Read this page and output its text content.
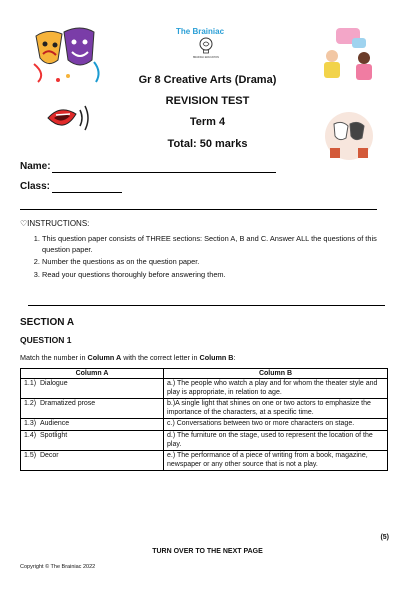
The Brainiac
BRAINIAC EDUCATION
Gr 8 Creative Arts (Drama)
REVISION TEST
Term 4
Total: 50 marks
Name:
Class:
♡INSTRUCTIONS:
1. This question paper consists of THREE sections: Section A, B and C. Answer ALL the questions of this question paper.
2. Number the questions as on the question paper.
3. Read your questions thoroughly before answering them.
SECTION A
QUESTION 1
Match the number in Column A with the correct letter in Column B:
Column A	Column B
1.1) Dialogue	a.) The people who watch a play and for whom the theater style and play is appropriate, in relation to age.
1.2) Dramatized prose	b.)A single light that shines on one or two actors to emphasize the importance of the characters, at a specific time.
1.3) Audience	c.) Conversations between two or more characters on stage.
1.4) Spotlight	d.) The furniture on the stage, used to represent the location of the play.
1.5) Decor	e.) The performance of a piece of writing from a book, magazine, newspaper or any other source that is not a play.
(5)
TURN OVER TO THE NEXT PAGE
Copyright © The Brainiac 2022
